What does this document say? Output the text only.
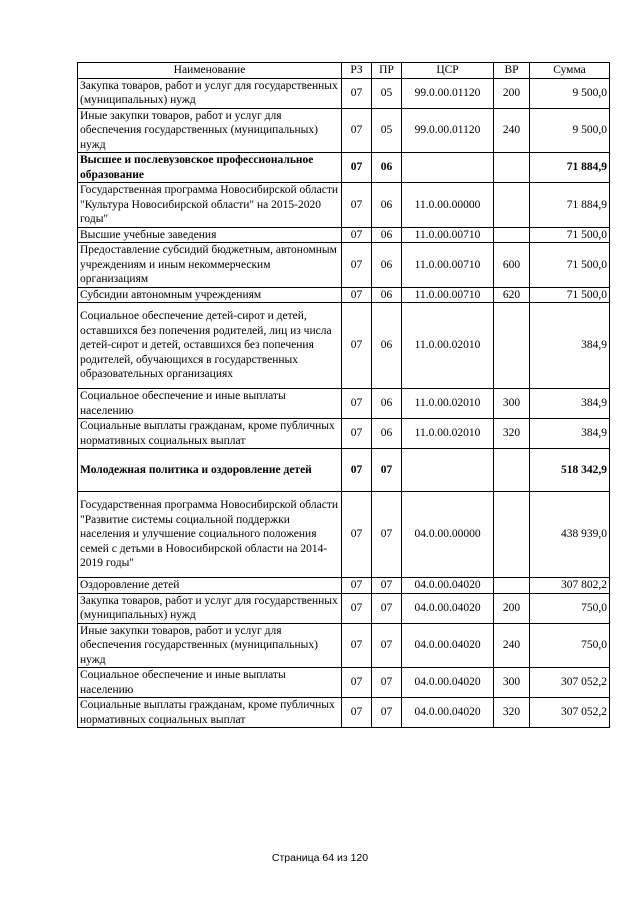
Наименование	РЗ	ПР	ЦСР	ВР	Сумма
Закупка товаров, работ и услуг для государственных (муниципальных) нужд	07	05	99.0.00.01120	200	9 500,0
Иные закупки товаров, работ и услуг для обеспечения государственных (муниципальных) нужд	07	05	99.0.00.01120	240	9 500,0
Высшее и послевузовское профессиональное образование	07	06			71 884,9
Государственная программа Новосибирской области "Культура Новосибирской области" на 2015-2020 годы"	07	06	11.0.00.00000		71 884,9
Высшие учебные заведения	07	06	11.0.00.00710		71 500,0
Предоставление субсидий бюджетным, автономным учреждениям и иным некоммерческим организациям	07	06	11.0.00.00710	600	71 500,0
Субсидии автономным учреждениям	07	06	11.0.00.00710	620	71 500,0
Социальное обеспечение детей-сирот и детей, оставшихся без попечения родителей, лиц из числа детей-сирот и детей, оставшихся без попечения родителей, обучающихся в государственных образовательных организациях	07	06	11.0.00.02010		384,9
Социальное обеспечение и иные выплаты населению	07	06	11.0.00.02010	300	384,9
Социальные выплаты гражданам, кроме публичных нормативных социальных выплат	07	06	11.0.00.02010	320	384,9
Молодежная политика и оздоровление детей	07	07			518 342,9
Государственная программа Новосибирской области "Развитие системы социальной поддержки населения и улучшение социального положения семей с детьми в Новосибирской области на 2014-2019 годы"	07	07	04.0.00.00000		438 939,0
Оздоровление детей	07	07	04.0.00.04020		307 802,2
Закупка товаров, работ и услуг для государственных (муниципальных) нужд	07	07	04.0.00.04020	200	750,0
Иные закупки товаров, работ и услуг для обеспечения государственных (муниципальных) нужд	07	07	04.0.00.04020	240	750,0
Социальное обеспечение и иные выплаты населению	07	07	04.0.00.04020	300	307 052,2
Социальные выплаты гражданам, кроме публичных нормативных социальных выплат	07	07	04.0.00.04020	320	307 052,2
Страница 64 из 120
